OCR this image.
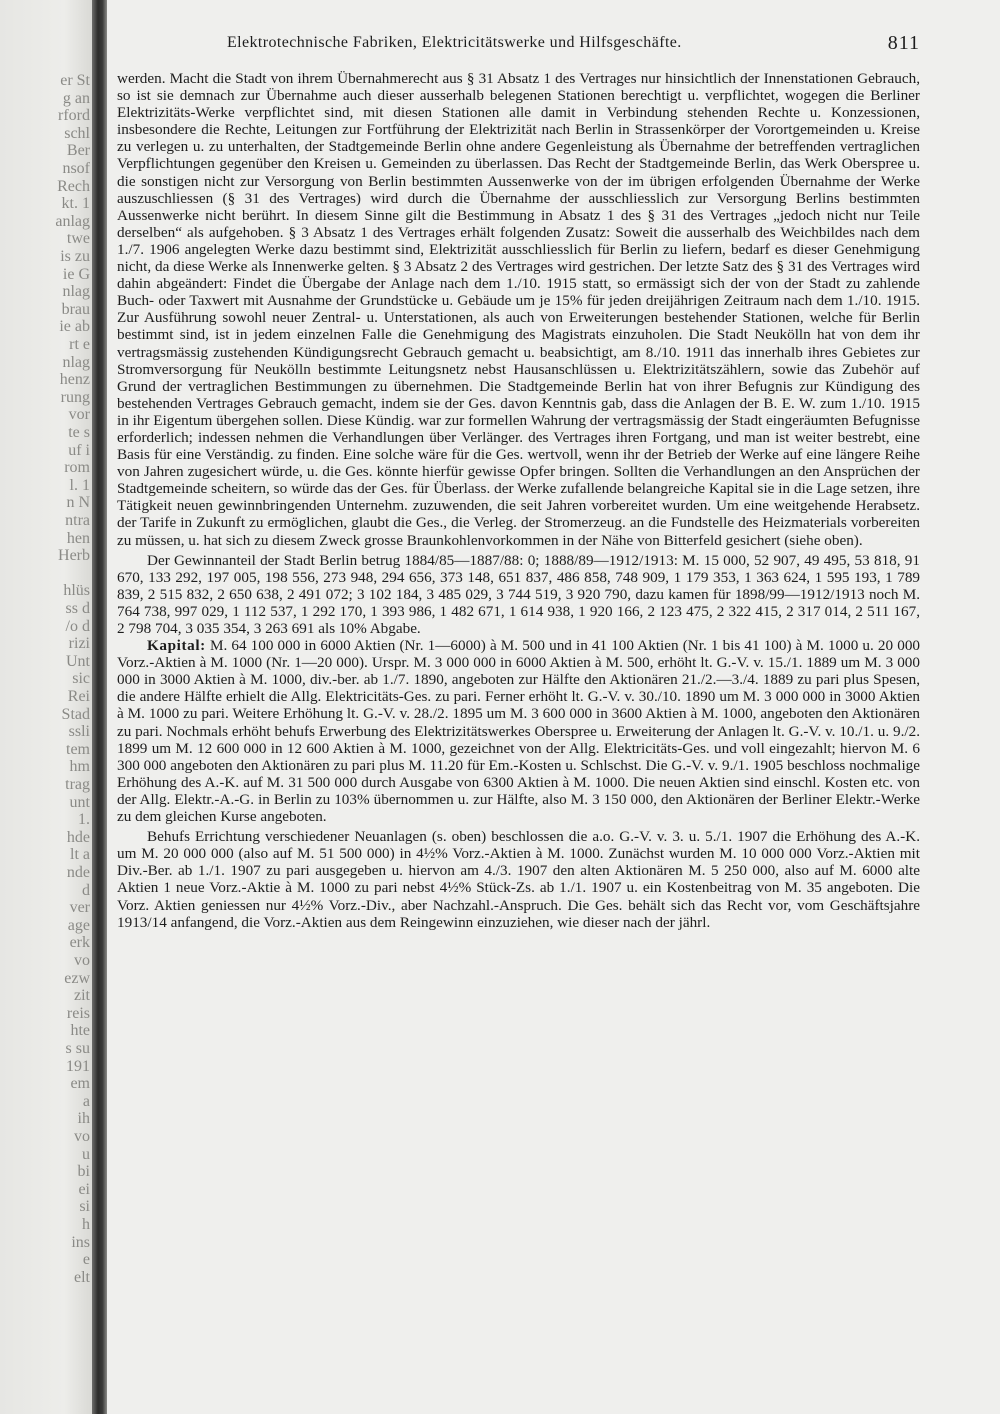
er St
g an
rford
schl
Ber
nsof
Rech
kt. 1
anlag
twe
is zu
ie G
nlag
brau
ie ab
rt e
nlag
henz
rung
vor
te s
uf i
rom
l. 1
n N
ntra
hen
Herb
hlüs
ss d
/o d
rizi
Unt
sic
Rei
Stad
ssli
tem
hm
trag
unt
1.
hde
lt a
nde
d
ver
age
erk
vo
ezw
zit
reis
hte
s su
191
em
a
ih
vo
u
bi
ei
si
h
ins
e
elt
Elektrotechnische Fabriken, Elektricitätswerke und Hilfsgeschäfte.	811

werden. Macht die Stadt von ihrem Übernahmerecht aus § 31 Absatz 1 des Vertrages nur hinsichtlich der Innenstationen Gebrauch, so ist sie demnach zur Übernahme auch dieser ausserhalb belegenen Stationen berechtigt u. verpflichtet, wogegen die Berliner Elektrizitäts-Werke verpflichtet sind, mit diesen Stationen alle damit in Verbindung stehenden Rechte u. Konzessionen, insbesondere die Rechte, Leitungen zur Fortführung der Elektrizität nach Berlin in Strassenkörper der Vorortgemeinden u. Kreise zu verlegen u. zu unterhalten, der Stadtgemeinde Berlin ohne andere Gegenleistung als Übernahme der betreffenden vertraglichen Verpflichtungen gegenüber den Kreisen u. Gemeinden zu überlassen. Das Recht der Stadtgemeinde Berlin, das Werk Oberspree u. die sonstigen nicht zur Versorgung von Berlin bestimmten Aussenwerke von der im übrigen erfolgenden Übernahme der Werke auszuschliessen (§ 31 des Vertrages) wird durch die Übernahme der ausschliesslich zur Versorgung Berlins bestimmten Aussenwerke nicht berührt. In diesem Sinne gilt die Bestimmung in Absatz 1 des § 31 des Vertrages „jedoch nicht nur Teile derselben“ als aufgehoben. § 3 Absatz 1 des Vertrages erhält folgenden Zusatz: Soweit die ausserhalb des Weichbildes nach dem 1./7. 1906 angelegten Werke dazu bestimmt sind, Elektrizität ausschliesslich für Berlin zu liefern, bedarf es dieser Genehmigung nicht, da diese Werke als Innenwerke gelten. § 3 Absatz 2 des Vertrages wird gestrichen. Der letzte Satz des § 31 des Vertrages wird dahin abgeändert: Findet die Übergabe der Anlage nach dem 1./10. 1915 statt, so ermässigt sich der von der Stadt zu zahlende Buch- oder Taxwert mit Ausnahme der Grundstücke u. Gebäude um je 15% für jeden dreijährigen Zeitraum nach dem 1./10. 1915. Zur Ausführung sowohl neuer Zentral- u. Unterstationen, als auch von Erweiterungen bestehender Stationen, welche für Berlin bestimmt sind, ist in jedem einzelnen Falle die Genehmigung des Magistrats einzuholen. Die Stadt Neukölln hat von dem ihr vertragsmässig zustehenden Kündigungsrecht Gebrauch gemacht u. beabsichtigt, am 8./10. 1911 das innerhalb ihres Gebietes zur Stromversorgung für Neukölln bestimmte Leitungsnetz nebst Hausanschlüssen u. Elektrizitätszählern, sowie das Zubehör auf Grund der vertraglichen Bestimmungen zu übernehmen. Die Stadtgemeinde Berlin hat von ihrer Befugnis zur Kündigung des bestehenden Vertrages Gebrauch gemacht, indem sie der Ges. davon Kenntnis gab, dass die Anlagen der B. E. W. zum 1./10. 1915 in ihr Eigentum übergehen sollen. Diese Kündig. war zur formellen Wahrung der vertragsmässig der Stadt eingeräumten Befugnisse erforderlich; indessen nehmen die Verhandlungen über Verlänger. des Vertrages ihren Fortgang, und man ist weiter bestrebt, eine Basis für eine Verständig. zu finden. Eine solche wäre für die Ges. wertvoll, wenn ihr der Betrieb der Werke auf eine längere Reihe von Jahren zugesichert würde, u. die Ges. könnte hierfür gewisse Opfer bringen. Sollten die Verhandlungen an den Ansprüchen der Stadtgemeinde scheitern, so würde das der Ges. für Überlass. der Werke zufallende belangreiche Kapital sie in die Lage setzen, ihre Tätigkeit neuen gewinnbringenden Unternehm. zuzuwenden, die seit Jahren vorbereitet wurden. Um eine weitgehende Herabsetz. der Tarife in Zukunft zu ermöglichen, glaubt die Ges., die Verleg. der Stromerzeug. an die Fundstelle des Heizmaterials vorbereiten zu müssen, u. hat sich zu diesem Zweck grosse Braunkohlenvorkommen in der Nähe von Bitterfeld gesichert (siehe oben).

Der Gewinnanteil der Stadt Berlin betrug 1884/85—1887/88: 0; 1888/89—1912/1913: M. 15 000, 52 907, 49 495, 53 818, 91 670, 133 292, 197 005, 198 556, 273 948, 294 656, 373 148, 651 837, 486 858, 748 909, 1 179 353, 1 363 624, 1 595 193, 1 789 839, 2 515 832, 2 650 638, 2 491 072; 3 102 184, 3 485 029, 3 744 519, 3 920 790, dazu kamen für 1898/99—1912/1913 noch M. 764 738, 997 029, 1 112 537, 1 292 170, 1 393 986, 1 482 671, 1 614 938, 1 920 166, 2 123 475, 2 322 415, 2 317 014, 2 511 167, 2 798 704, 3 035 354, 3 263 691 als 10% Abgabe.

Kapital: M. 64 100 000 in 6000 Aktien (Nr. 1—6000) à M. 500 und in 41 100 Aktien (Nr. 1 bis 41 100) à M. 1000 u. 20 000 Vorz.-Aktien à M. 1000 (Nr. 1—20 000). Urspr. M. 3 000 000 in 6000 Aktien à M. 500, erhöht lt. G.-V. v. 15./1. 1889 um M. 3 000 000 in 3000 Aktien à M. 1000, div.-ber. ab 1./7. 1890, angeboten zur Hälfte den Aktionären 21./2.—3./4. 1889 zu pari plus Spesen, die andere Hälfte erhielt die Allg. Elektricitäts-Ges. zu pari. Ferner erhöht lt. G.-V. v. 30./10. 1890 um M. 3 000 000 in 3000 Aktien à M. 1000 zu pari. Weitere Erhöhung lt. G.-V. v. 28./2. 1895 um M. 3 600 000 in 3600 Aktien à M. 1000, angeboten den Aktionären zu pari. Nochmals erhöht behufs Erwerbung des Elektrizitätswerkes Oberspree u. Erweiterung der Anlagen lt. G.-V. v. 10./1. u. 9./2. 1899 um M. 12 600 000 in 12 600 Aktien à M. 1000, gezeichnet von der Allg. Elektricitäts-Ges. und voll eingezahlt; hiervon M. 6 300 000 angeboten den Aktionären zu pari plus M. 11.20 für Em.-Kosten u. Schlschst. Die G.-V. v. 9./1. 1905 beschloss nochmalige Erhöhung des A.-K. auf M. 31 500 000 durch Ausgabe von 6300 Aktien à M. 1000. Die neuen Aktien sind einschl. Kosten etc. von der Allg. Elektr.-A.-G. in Berlin zu 103% übernommen u. zur Hälfte, also M. 3 150 000, den Aktionären der Berliner Elektr.-Werke zu dem gleichen Kurse angeboten.

Behufs Errichtung verschiedener Neuanlagen (s. oben) beschlossen die a.o. G.-V. v. 3. u. 5./1. 1907 die Erhöhung des A.-K. um M. 20 000 000 (also auf M. 51 500 000) in 4½% Vorz.-Aktien à M. 1000. Zunächst wurden M. 10 000 000 Vorz.-Aktien mit Div.-Ber. ab 1./1. 1907 zu pari ausgegeben u. hiervon am 4./3. 1907 den alten Aktionären M. 5 250 000, also auf M. 6000 alte Aktien 1 neue Vorz.-Aktie à M. 1000 zu pari nebst 4½% Stück-Zs. ab 1./1. 1907 u. ein Kostenbeitrag von M. 35 angeboten. Die Vorz. Aktien geniessen nur 4½% Vorz.-Div., aber Nachzahl.-Anspruch. Die Ges. behält sich das Recht vor, vom Geschäftsjahre 1913/14 anfangend, die Vorz.-Aktien aus dem Reingewinn einzuziehen, wie dieser nach der jährl.
